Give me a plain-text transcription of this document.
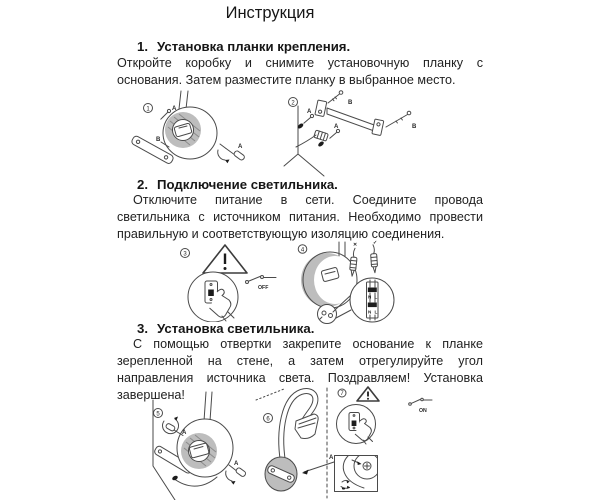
Инструкция
1. Установка планки крепления.

Откройте коробку и снимите установочную планку с основания. Затем разместите планку в выбранное место.

1	A
B
A
2	B
B
A
A
2. Подключение светильника.

Отключите питание в сети. Соедините провода светильника с источником питания. Необходимо провести правильную и соответствующую изоляцию соединения.

3
OFF
4
N L
N L
✕	✓
3. Установка светильника.

С помощью отвертки закрепите основание к планке зерепленной на стене, а затем отрегулируйте угол направления источника света. Поздравляем! Установка завершена!

5
A
A
6
A
7
ON
